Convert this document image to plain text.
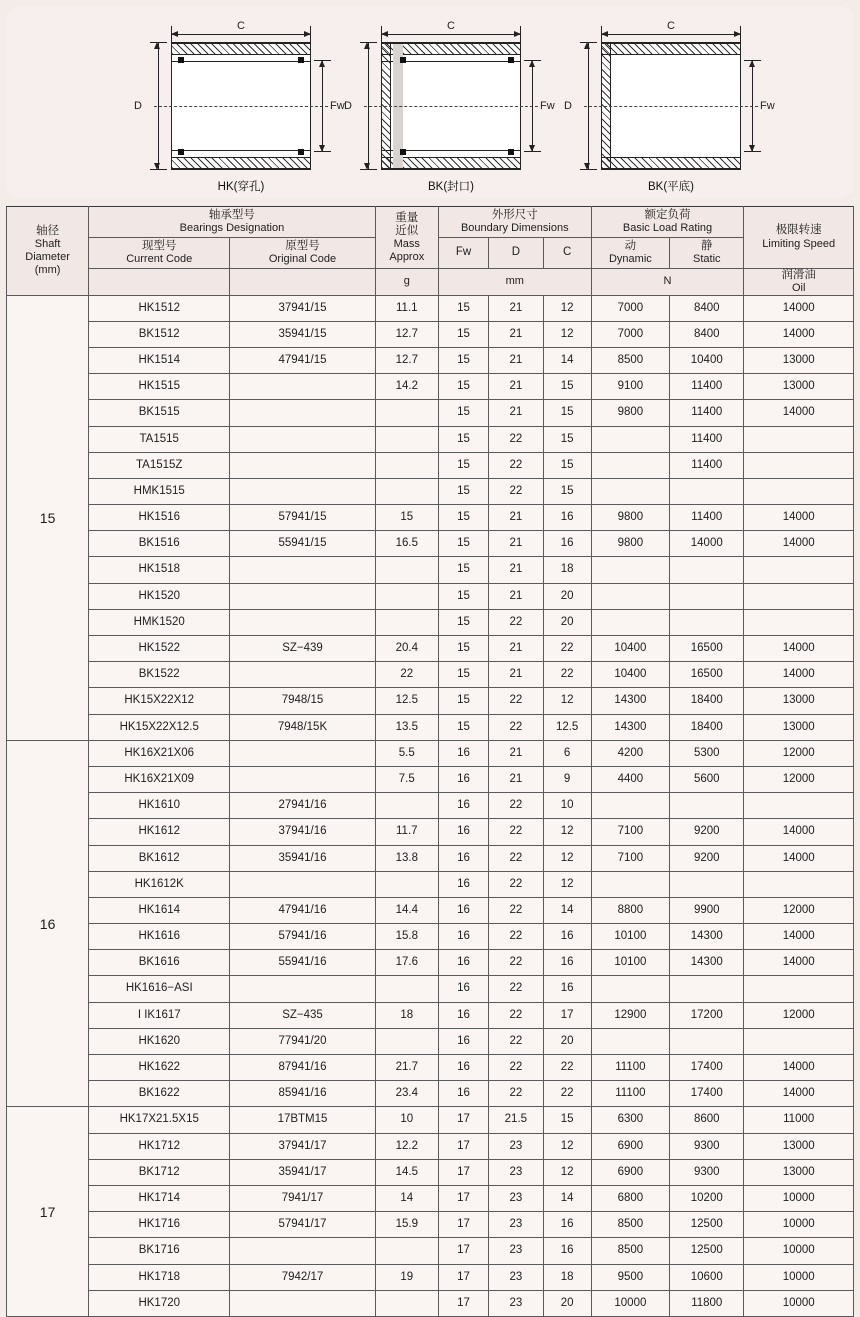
C
D	Fw
HK(穿孔)
C
D	Fw
BK(封口)
C
D	Fw
BK(平底)
轴径
Shaft
Diameter
(mm)

轴承型号
Bearings Designation

重量
近似
Mass
Approx

外形尺寸
Boundary Dimensions

额定负荷
Basic Load Rating	极限转速
Limiting Speed

现型号
Current Code

原型号
Original Code
	Fw	D	C	
动
Dynamic

静
Static

			g	mm			N		润滑油
Oil

15	HK1512	37941/15	11.1	15	21	12	7000	8400	14000
	BK1512	35941/15	12.7	15	21	12	7000	8400	14000
	HK1514	47941/15	12.7	15	21	14	8500	10400	13000
	HK1515		14.2	15	21	15	9100	11400	13000
	BK1515			15	21	15	9800	11400	14000
	TA1515			15	22	15		11400	
	TA1515Z			15	22	15		11400	
	HMK1515			15	22	15			
	HK1516	57941/15	15	15	21	16	9800	11400	14000
	BK1516	55941/15	16.5	15	21	16	9800	14000	14000
	HK1518			15	21	18			
	HK1520			15	21	20			
	HMK1520			15	22	20			
	HK1522	SZ−439	20.4	15	21	22	10400	16500	14000
	BK1522		22	15	21	22	10400	16500	14000
	HK15X22X12	7948/15	12.5	15	22	12	14300	18400	13000
	HK15X22X12.5	7948/15K	13.5	15	22	12.5	14300	18400	13000
16	HK16X21X06		5.5	16	21	6	4200	5300	12000
	HK16X21X09		7.5	16	21	9	4400	5600	12000
	HK1610	27941/16		16	22	10			
	HK1612	37941/16	11.7	16	22	12	7100	9200	14000
	BK1612	35941/16	13.8	16	22	12	7100	9200	14000
	HK1612K			16	22	12			
	HK1614	47941/16	14.4	16	22	14	8800	9900	12000
	HK1616	57941/16	15.8	16	22	16	10100	14300	14000
	BK1616	55941/16	17.6	16	22	16	10100	14300	14000
	HK1616−ASI			16	22	16			
	I IK1617	SZ−435	18	16	22	17	12900	17200	12000
	HK1620	77941/20		16	22	20			
	HK1622	87941/16	21.7	16	22	22	11100	17400	14000
	BK1622	85941/16	23.4	16	22	22	11100	17400	14000
17	HK17X21.5X15	17BTM15	10	17	21.5	15	6300	8600	11000
	HK1712	37941/17	12.2	17	23	12	6900	9300	13000
	BK1712	35941/17	14.5	17	23	12	6900	9300	13000
	HK1714	7941/17	14	17	23	14	6800	10200	10000
	HK1716	57941/17	15.9	17	23	16	8500	12500	10000
	BK1716			17	23	16	8500	12500	10000
	HK1718	7942/17	19	17	23	18	9500	10600	10000
	HK1720			17	23	20	10000	11800	10000
